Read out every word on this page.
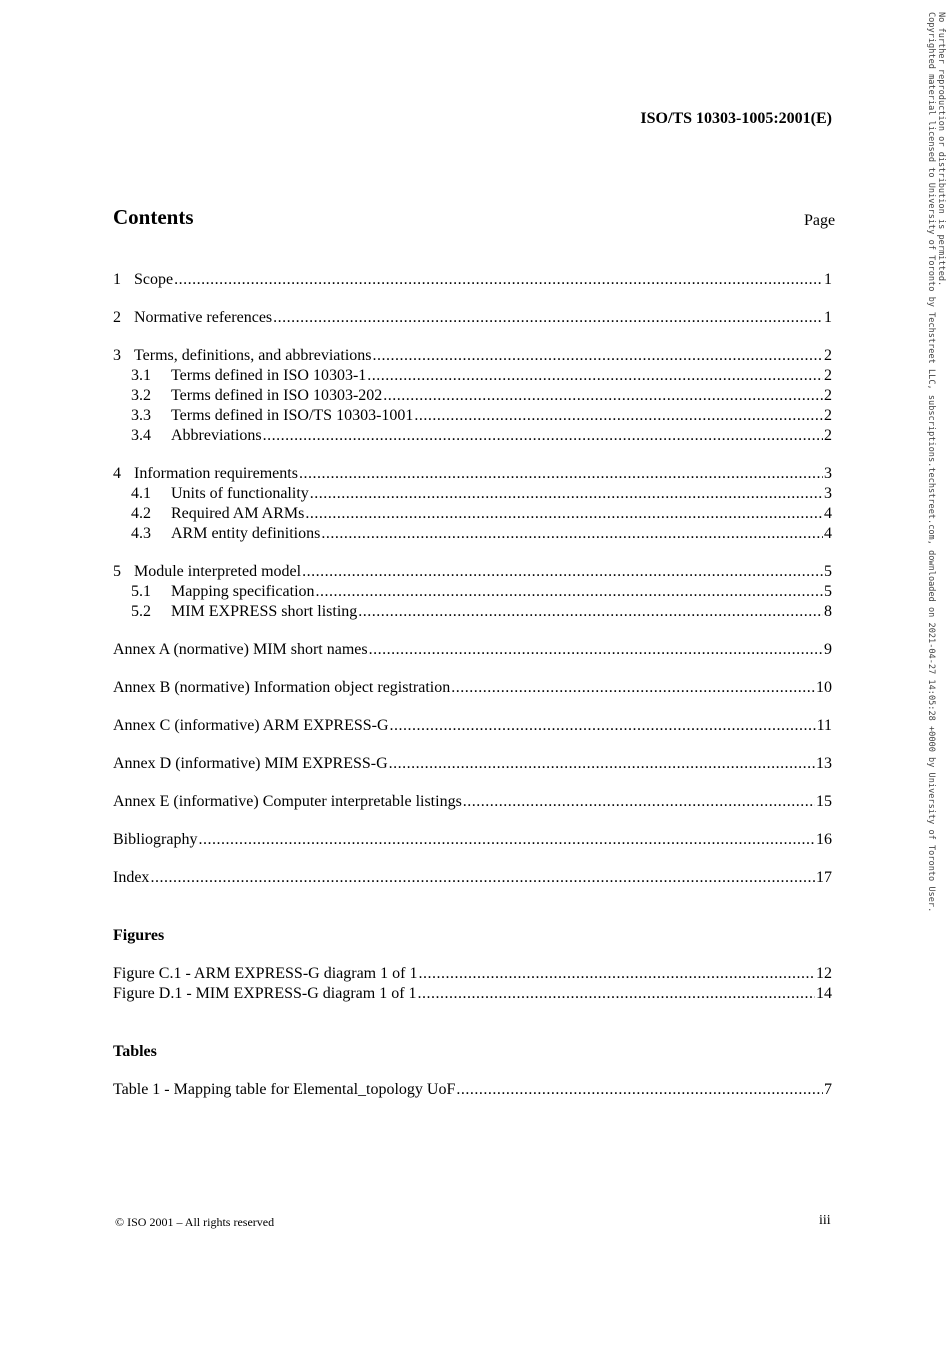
ISO/TS 10303-1005:2001(E)
Contents	Page
1 Scope .....	1
2 Normative references .....	1
3 Terms, definitions, and abbreviations .....	2
3.1 Terms defined in ISO 10303-1 .....	2
3.2 Terms defined in ISO 10303-202 .....	2
3.3 Terms defined in ISO/TS 10303-1001 .....	2
3.4 Abbreviations .....	2
4 Information requirements .....	3
4.1 Units of functionality .....	3
4.2 Required AM ARMs .....	4
4.3 ARM entity definitions .....	4
5 Module interpreted model .....	5
5.1 Mapping specification .....	5
5.2 MIM EXPRESS short listing .....	8
Annex A (normative) MIM short names .....	9
Annex B (normative) Information object registration .....	10
Annex C (informative) ARM EXPRESS-G .....	11
Annex D (informative) MIM EXPRESS-G .....	13
Annex E (informative) Computer interpretable listings .....	15
Bibliography .....	16
Index .....	17
Figures
Figure C.1 - ARM EXPRESS-G diagram 1 of 1 .....	12
Figure D.1 - MIM EXPRESS-G diagram 1 of 1 .....	14
Tables
Table 1 - Mapping table for Elemental_topology UoF .....	7
© ISO 2001 – All rights reserved	iii
Copyrighted material licensed to University of Toronto by Techstreet LLC, subscriptions.techstreet.com, downloaded on 2021-04-27 14:05:28 +0000 by University of Toronto User. No further reproduction or distribution is permitted.
